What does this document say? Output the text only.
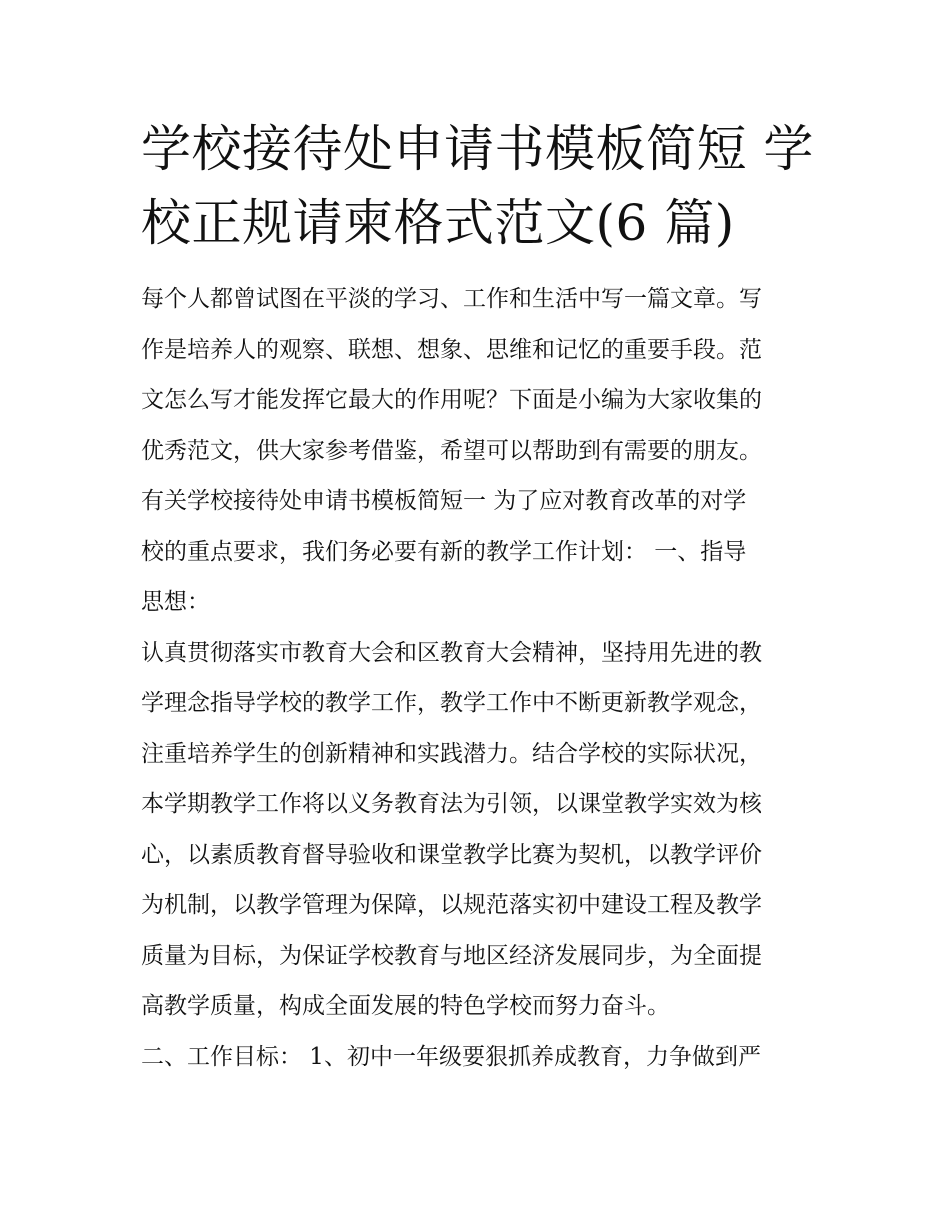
学校接待处申请书模板简短 学
校正规请柬格式范文(6 篇)

每个人都曾试图在平淡的学习、工作和生活中写一篇文章。写
作是培养人的观察、联想、想象、思维和记忆的重要手段。范
文怎么写才能发挥它最大的作用呢？下面是小编为大家收集的
优秀范文，供大家参考借鉴，希望可以帮助到有需要的朋友。
有关学校接待处申请书模板简短一 为了应对教育改革的对学
校的重点要求，我们务必要有新的教学工作计划： 一、指导
思想：

认真贯彻落实市教育大会和区教育大会精神，坚持用先进的教
学理念指导学校的教学工作，教学工作中不断更新教学观念，
注重培养学生的创新精神和实践潜力。结合学校的实际状况，
本学期教学工作将以义务教育法为引领，以课堂教学实效为核
心，以素质教育督导验收和课堂教学比赛为契机，以教学评价
为机制，以教学管理为保障，以规范落实初中建设工程及教学
质量为目标，为保证学校教育与地区经济发展同步，为全面提
高教学质量，构成全面发展的特色学校而努力奋斗。

二、工作目标： 1、初中一年级要狠抓养成教育，力争做到严
